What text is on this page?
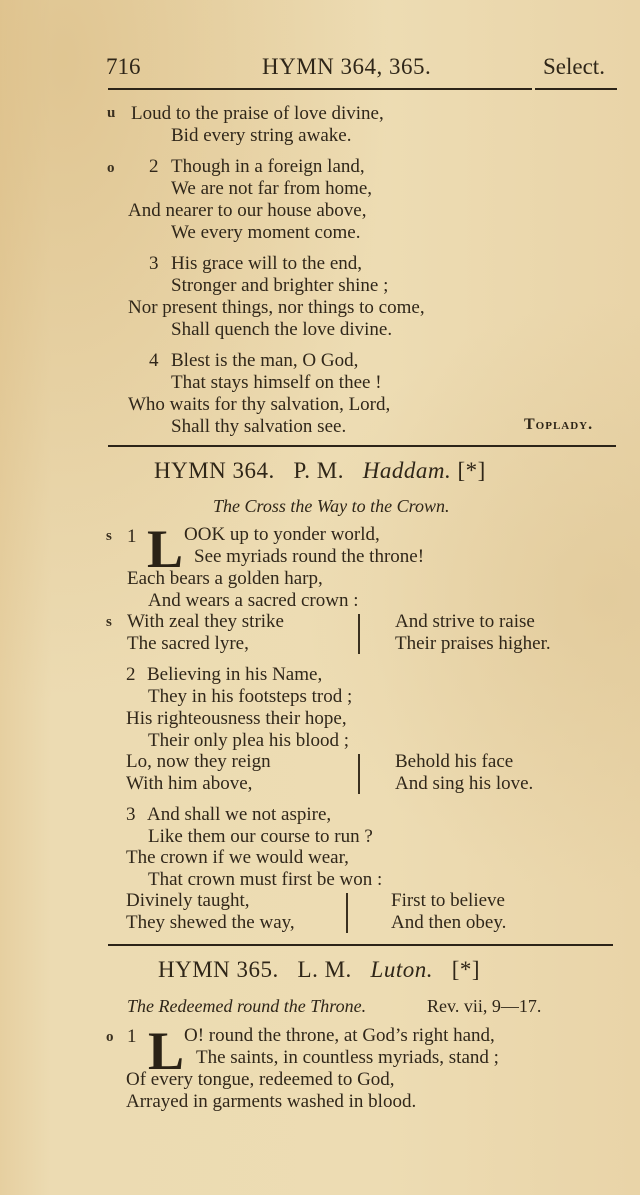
716	HYMN 364, 365.	Select.
u Loud to the praise of love divine,
Bid every string awake.
o 2 Though in a foreign land,
We are not far from home,
And nearer to our house above,
We every moment come.
3 His grace will to the end,
Stronger and brighter shine ;
Nor present things, nor things to come,
Shall quench the love divine.
4 Blest is the man, O God,
That stays himself on thee !
Who waits for thy salvation, Lord,
Shall thy salvation see.	Toplady.
HYMN 364. P. M. Haddam. [*]
The Cross the Way to the Crown.
s 1 L OOK up to yonder world,
See myriads round the throne!
Each bears a golden harp,
And wears a sacred crown :
s With zeal they strike
The sacred lyre,
And strive to raise
Their praises higher.
2 Believing in his Name,
They in his footsteps trod ;
His righteousness their hope,
Their only plea his blood ;
Lo, now they reign
With him above,
Behold his face
And sing his love.
3 And shall we not aspire,
Like them our course to run ?
The crown if we would wear,
That crown must first be won :
Divinely taught,
They shewed the way,
First to believe
And then obey.
HYMN 365. L. M. Luton. [*]
The Redeemed round the Throne.	Rev. vii, 9—17.
o 1 L O! round the throne, at God’s right hand,
The saints, in countless myriads, stand ;
Of every tongue, redeemed to God,
Arrayed in garments washed in blood.
